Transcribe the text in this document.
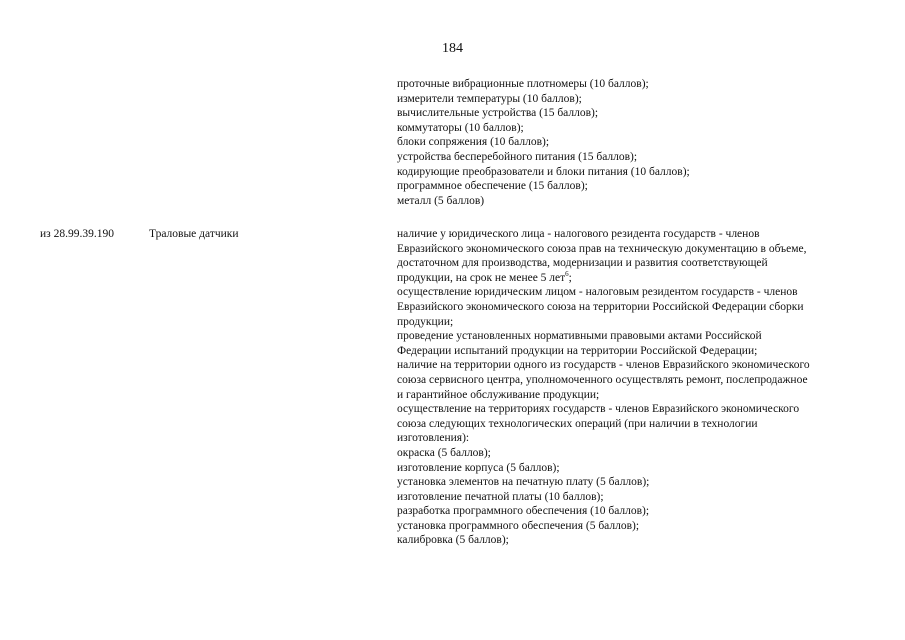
184
проточные вибрационные плотномеры (10 баллов);
измерители температуры (10 баллов);
вычислительные устройства (15 баллов);
коммутаторы (10 баллов);
блоки сопряжения (10 баллов);
устройства бесперебойного питания (15 баллов);
кодирующие преобразователи и блоки питания (10 баллов);
программное обеспечение (15 баллов);
металл (5 баллов)
из 28.99.39.190	Траловые датчики	наличие у юридического лица - налогового резидента государств - членов
Евразийского экономического союза прав на техническую документацию в объеме,
достаточном для производства, модернизации и развития соответствующей
продукции, на срок не менее 5 лет$^6$;
осуществление юридическим лицом - налоговым резидентом государств - членов
Евразийского экономического союза на территории Российской Федерации сборки
продукции;
проведение установленных нормативными правовыми актами Российской
Федерации испытаний продукции на территории Российской Федерации;
наличие на территории одного из государств - членов Евразийского экономического
союза сервисного центра, уполномоченного осуществлять ремонт, послепродажное
и гарантийное обслуживание продукции;
осуществление на территориях государств - членов Евразийского экономического
союза следующих технологических операций (при наличии в технологии
изготовления):
окраска (5 баллов);
изготовление корпуса (5 баллов);
установка элементов на печатную плату (5 баллов);
изготовление печатной платы (10 баллов);
разработка программного обеспечения (10 баллов);
установка программного обеспечения (5 баллов);
калибровка (5 баллов);
